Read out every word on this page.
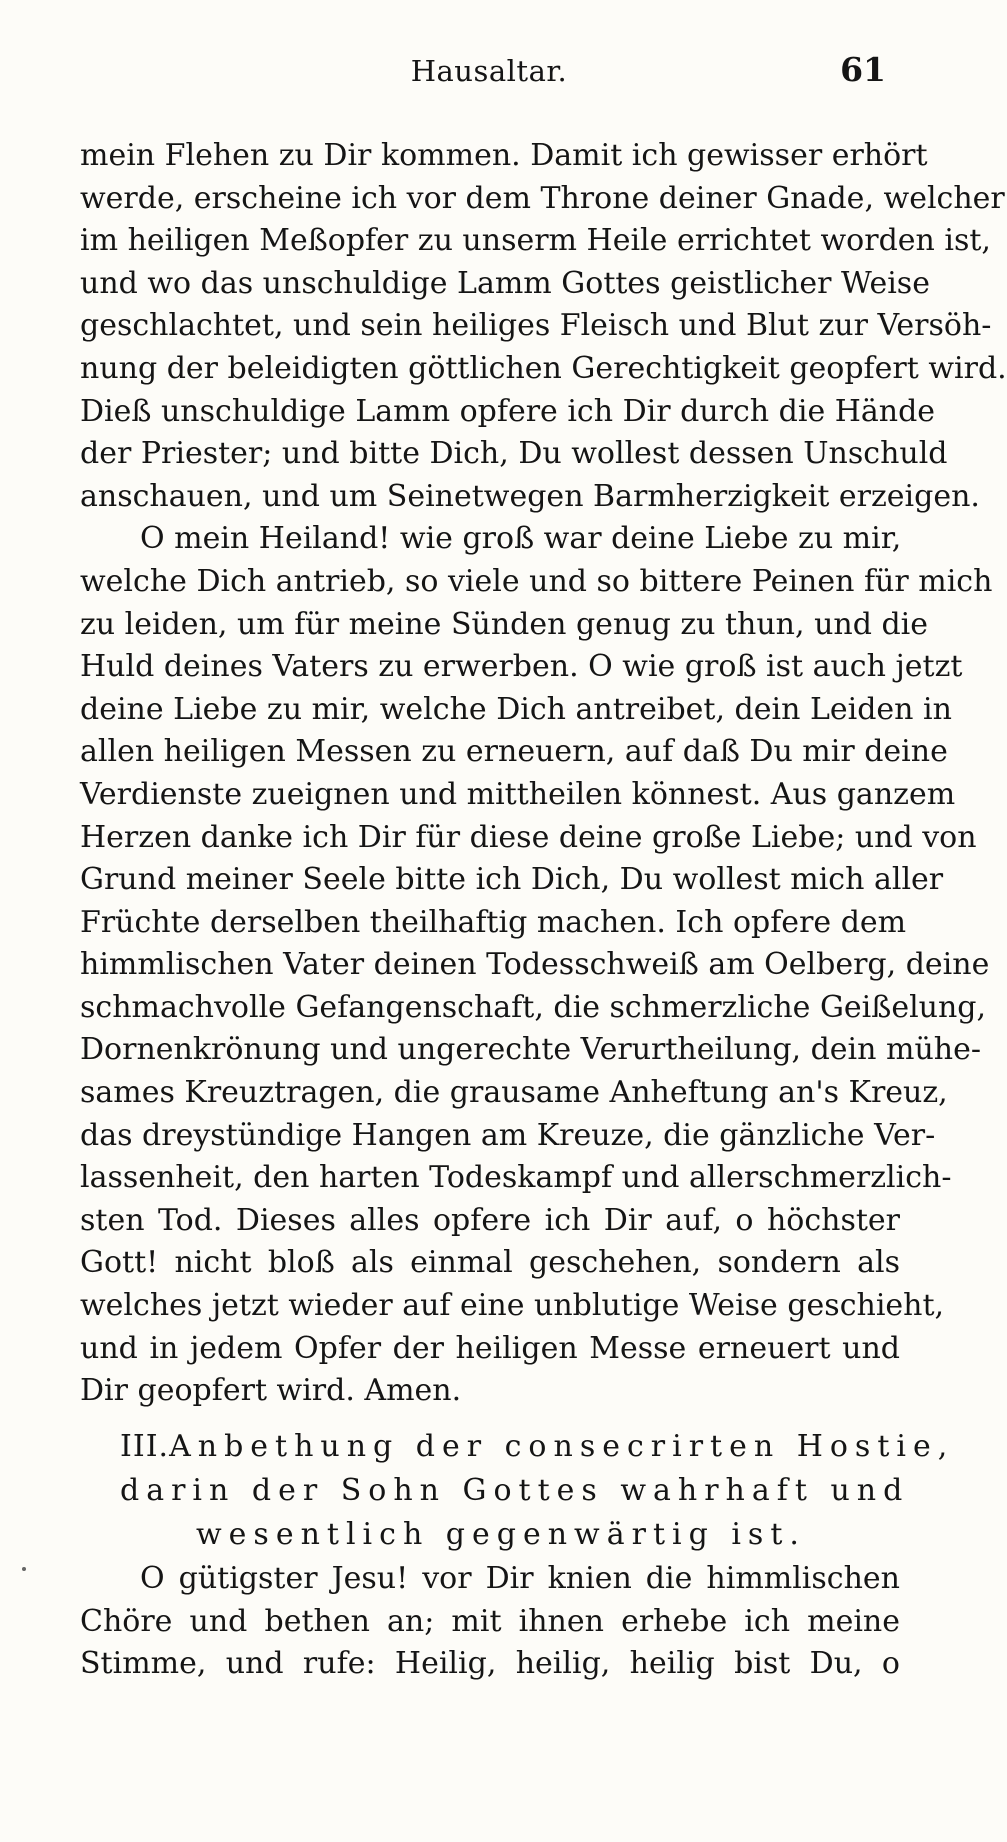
Hausaltar.	61
mein Flehen zu Dir kommen. Damit ich gewisser erhört
werde, erscheine ich vor dem Throne deiner Gnade, welcher
im heiligen Meßopfer zu unserm Heile errichtet worden ist,
und wo das unschuldige Lamm Gottes geistlicher Weise
geschlachtet, und sein heiliges Fleisch und Blut zur Versöh-
nung der beleidigten göttlichen Gerechtigkeit geopfert wird.
Dieß unschuldige Lamm opfere ich Dir durch die Hände
der Priester; und bitte Dich, Du wollest dessen Unschuld
anschauen, und um Seinetwegen Barmherzigkeit erzeigen.
O mein Heiland! wie groß war deine Liebe zu mir,
welche Dich antrieb, so viele und so bittere Peinen für mich
zu leiden, um für meine Sünden genug zu thun, und die
Huld deines Vaters zu erwerben. O wie groß ist auch jetzt
deine Liebe zu mir, welche Dich antreibet, dein Leiden in
allen heiligen Messen zu erneuern, auf daß Du mir deine
Verdienste zueignen und mittheilen könnest. Aus ganzem
Herzen danke ich Dir für diese deine große Liebe; und von
Grund meiner Seele bitte ich Dich, Du wollest mich aller
Früchte derselben theilhaftig machen. Ich opfere dem
himmlischen Vater deinen Todesschweiß am Oelberg, deine
schmachvolle Gefangenschaft, die schmerzliche Geißelung,
Dornenkrönung und ungerechte Verurtheilung, dein mühe-
sames Kreuztragen, die grausame Anheftung an's Kreuz,
das dreystündige Hangen am Kreuze, die gänzliche Ver-
lassenheit, den harten Todeskampf und allerschmerzlich-
sten Tod. Dieses alles opfere ich Dir auf, o höchster
Gott! nicht bloß als einmal geschehen, sondern als
welches jetzt wieder auf eine unblutige Weise geschieht,
und in jedem Opfer der heiligen Messe erneuert und
Dir geopfert wird. Amen.
III. Anbethung der consecrirten Hostie,
darin der Sohn Gottes wahrhaft und
wesentlich gegenwärtig ist.
O gütigster Jesu! vor Dir knien die himmlischen
Chöre und bethen an; mit ihnen erhebe ich meine
Stimme, und rufe: Heilig, heilig, heilig bist Du, o
